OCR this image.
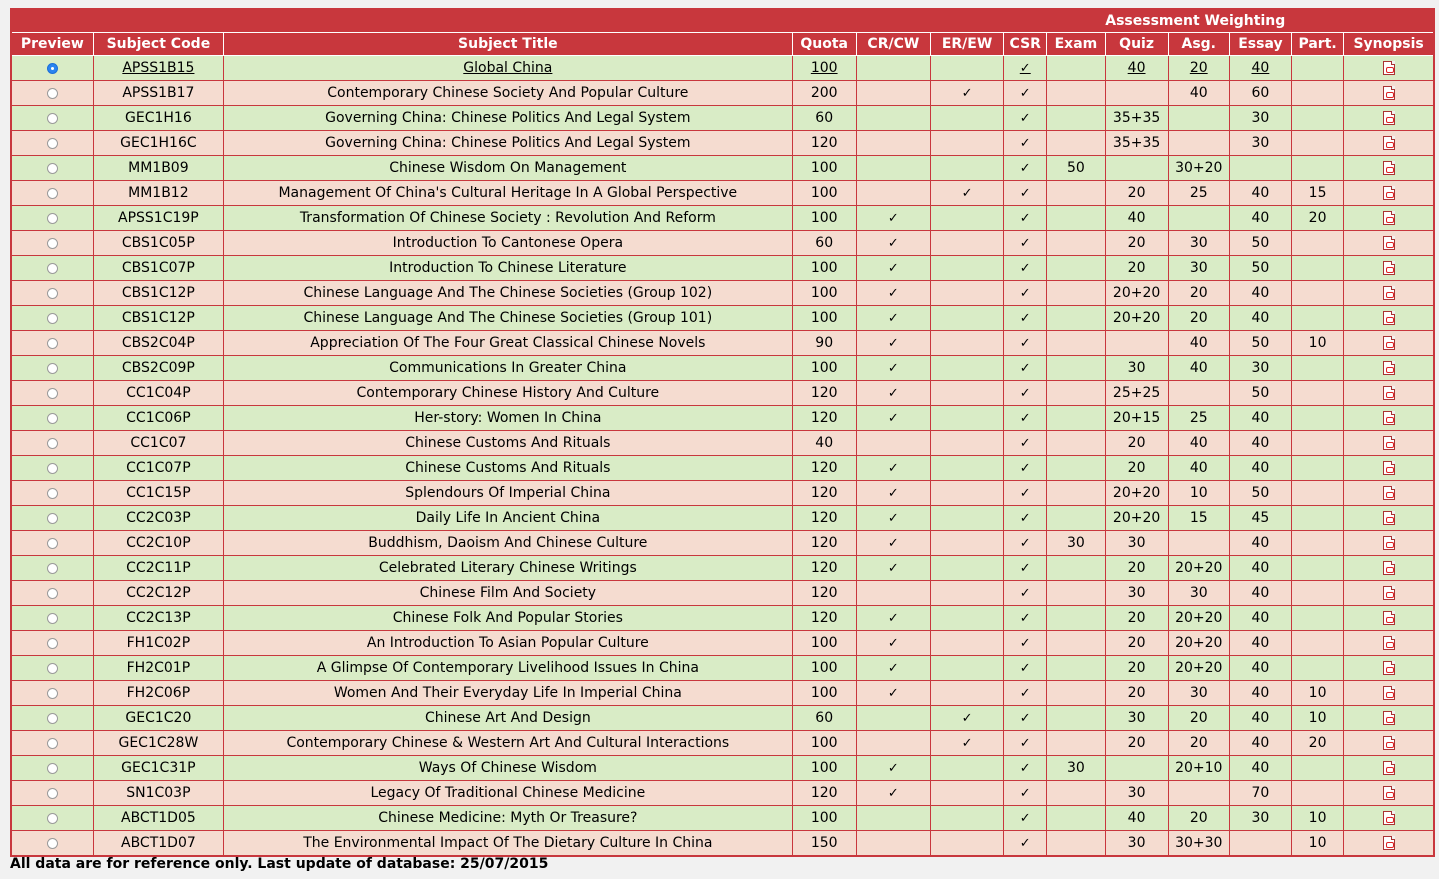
							Assessment Weighting					
Preview	Subject Code	Subject Title	Quota	CR/CW	ER/EW	CSR	Exam	Quiz	Asg.	Essay	Part.	Synopsis
	APSS1B15	Global China	100			✓		40	20	40		
	APSS1B17	Contemporary Chinese Society And Popular Culture	200		✓	✓			40	60		
	GEC1H16	Governing China: Chinese Politics And Legal System	60			✓		35+35		30		
	GEC1H16C	Governing China: Chinese Politics And Legal System	120			✓		35+35		30		
	MM1B09	Chinese Wisdom On Management	100			✓	50		30+20			
	MM1B12	Management Of China's Cultural Heritage In A Global Perspective	100		✓	✓		20	25	40	15	
	APSS1C19P	Transformation Of Chinese Society : Revolution And Reform	100	✓		✓		40		40	20	
	CBS1C05P	Introduction To Cantonese Opera	60	✓		✓		20	30	50		
	CBS1C07P	Introduction To Chinese Literature	100	✓		✓		20	30	50		
	CBS1C12P	Chinese Language And The Chinese Societies (Group 102)	100	✓		✓		20+20	20	40		
	CBS1C12P	Chinese Language And The Chinese Societies (Group 101)	100	✓		✓		20+20	20	40		
	CBS2C04P	Appreciation Of The Four Great Classical Chinese Novels	90	✓		✓			40	50	10	
	CBS2C09P	Communications In Greater China	100	✓		✓		30	40	30		
	CC1C04P	Contemporary Chinese History And Culture	120	✓		✓		25+25		50		
	CC1C06P	Her-story: Women In China	120	✓		✓		20+15	25	40		
	CC1C07	Chinese Customs And Rituals	40			✓		20	40	40		
	CC1C07P	Chinese Customs And Rituals	120	✓		✓		20	40	40		
	CC1C15P	Splendours Of Imperial China	120	✓		✓		20+20	10	50		
	CC2C03P	Daily Life In Ancient China	120	✓		✓		20+20	15	45		
	CC2C10P	Buddhism, Daoism And Chinese Culture	120	✓		✓	30	30		40		
	CC2C11P	Celebrated Literary Chinese Writings	120	✓		✓		20	20+20	40		
	CC2C12P	Chinese Film And Society	120			✓		30	30	40		
	CC2C13P	Chinese Folk And Popular Stories	120	✓		✓		20	20+20	40		
	FH1C02P	An Introduction To Asian Popular Culture	100	✓		✓		20	20+20	40		
	FH2C01P	A Glimpse Of Contemporary Livelihood Issues In China	100	✓		✓		20	20+20	40		
	FH2C06P	Women And Their Everyday Life In Imperial China	100	✓		✓		20	30	40	10	
	GEC1C20	Chinese Art And Design	60		✓	✓		30	20	40	10	
	GEC1C28W	Contemporary Chinese & Western Art And Cultural Interactions	100		✓	✓		20	20	40	20	
	GEC1C31P	Ways Of Chinese Wisdom	100	✓		✓	30		20+10	40		
	SN1C03P	Legacy Of Traditional Chinese Medicine	120	✓		✓		30		70		
	ABCT1D05	Chinese Medicine: Myth Or Treasure?	100			✓		40	20	30	10	
	ABCT1D07	The Environmental Impact Of The Dietary Culture In China	150			✓		30	30+30		10	
All data are for reference only. Last update of database: 25/07/2015
